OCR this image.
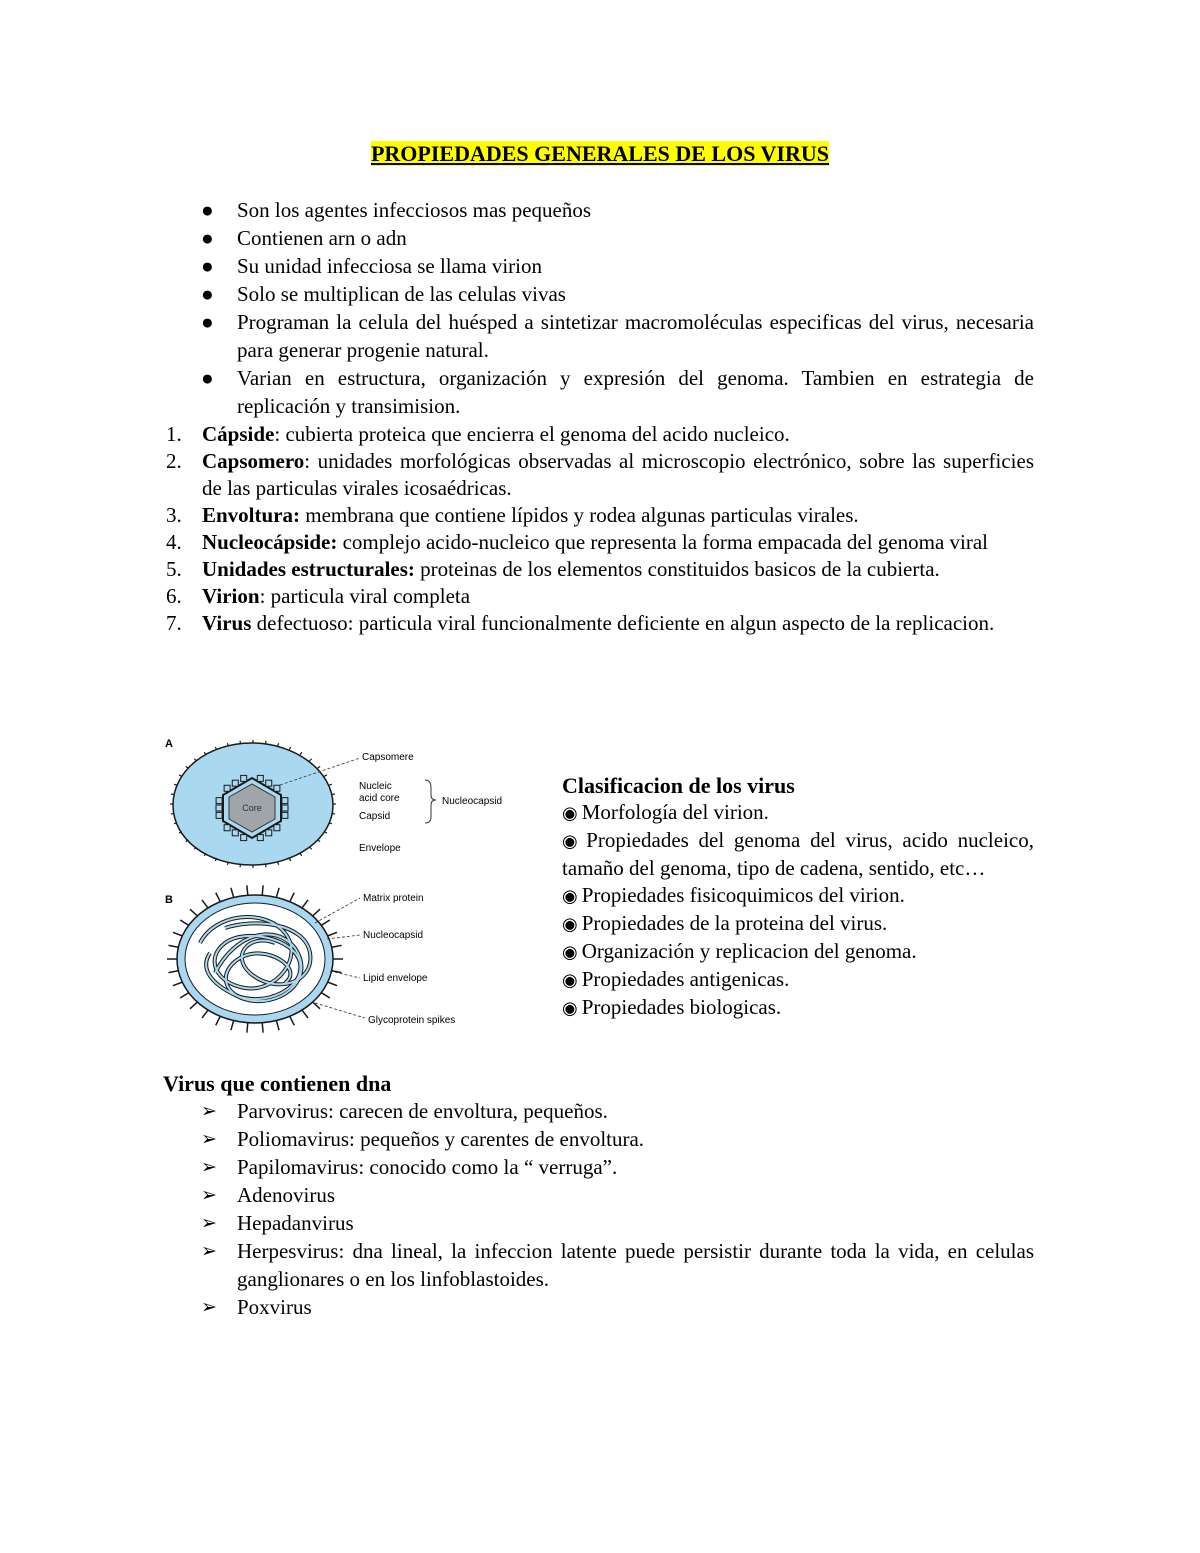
PROPIEDADES GENERALES DE LOS VIRUS
● Son los agentes infecciosos mas pequeños
● Contienen arn o adn
● Su unidad infecciosa se llama virion
● Solo se multiplican de las celulas vivas
● Programan la celula del huésped a sintetizar macromoléculas especificas del virus, necesaria para generar progenie natural.
● Varian en estructura, organización y expresión del genoma. Tambien en estrategia de replicación y transimision.
1. Cápside: cubierta proteica que encierra el genoma del acido nucleico.
2. Capsomero: unidades morfológicas observadas al microscopio electrónico, sobre las superficies de las particulas virales icosaédricas.
3. Envoltura: membrana que contiene lípidos y rodea algunas particulas virales.
4. Nucleocápside: complejo acido-nucleico que representa la forma empacada del genoma viral
5. Unidades estructurales: proteinas de los elementos constituidos basicos de la cubierta.
6. Virion: particula viral completa
7. Virus defectuoso: particula viral funcionalmente deficiente en algun aspecto de la replicacion.
A
Core
Capsomere
Nucleic
acid core
Capsid
Nucleocapsid
Envelope
B	Matrix protein
Nucleocapsid
Lipid envelope
Glycoprotein spikes
Clasificacion de los virus
◉ Morfología del virion.
◉ Propiedades del genoma del virus, acido nucleico, tamaño del genoma, tipo de cadena, sentido, etc…
◉ Propiedades fisicoquimicos del virion.
◉ Propiedades de la proteina del virus.
◉ Organización y replicacion del genoma.
◉ Propiedades antigenicas.
◉ Propiedades biologicas.
Virus que contienen dna
➢ Parvovirus: carecen de envoltura, pequeños.
➢ Poliomavirus: pequeños y carentes de envoltura.
➢ Papilomavirus: conocido como la “ verruga”.
➢ Adenovirus
➢ Hepadanvirus
➢ Herpesvirus: dna lineal, la infeccion latente puede persistir durante toda la vida, en celulas ganglionares o en los linfoblastoides.
➢ Poxvirus
